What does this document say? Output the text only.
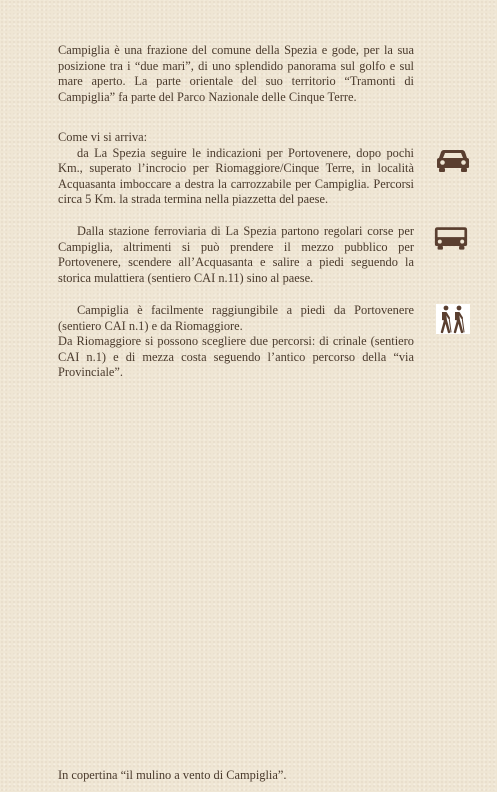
Campiglia è una frazione del comune della Spezia e gode, per la sua posizione tra i “due mari”, di uno splendido panorama sul golfo e sul mare aperto. La parte orientale del suo territorio “Tramonti di Campiglia” fa parte del Parco Nazionale delle Cinque Terre.

Come vi si arriva:

da La Spezia seguire le indicazioni per Portovenere, dopo pochi Km., superato l’incrocio per Riomaggiore/Cinque Terre, in località Acquasanta imboccare a destra la carrozzabile per Campiglia. Percorsi circa 5 Km. la strada termina nella piazzetta del paese.

Dalla stazione ferroviaria di La Spezia partono regolari corse per Campiglia, altrimenti si può prendere il mezzo pubblico per Portovenere, scendere all’Acquasanta e salire a piedi seguendo la storica mulattiera (sentiero CAI n.11) sino al paese.

Campiglia è facilmente raggiungibile a piedi da Portovenere (sentiero CAI n.1) e da Riomaggiore.

Da Riomaggiore si possono scegliere due percorsi: di crinale (sentiero CAI n.1) e di mezza costa seguendo l’antico percorso della “via Provinciale”.

In copertina “il mulino a vento di Campiglia”.
